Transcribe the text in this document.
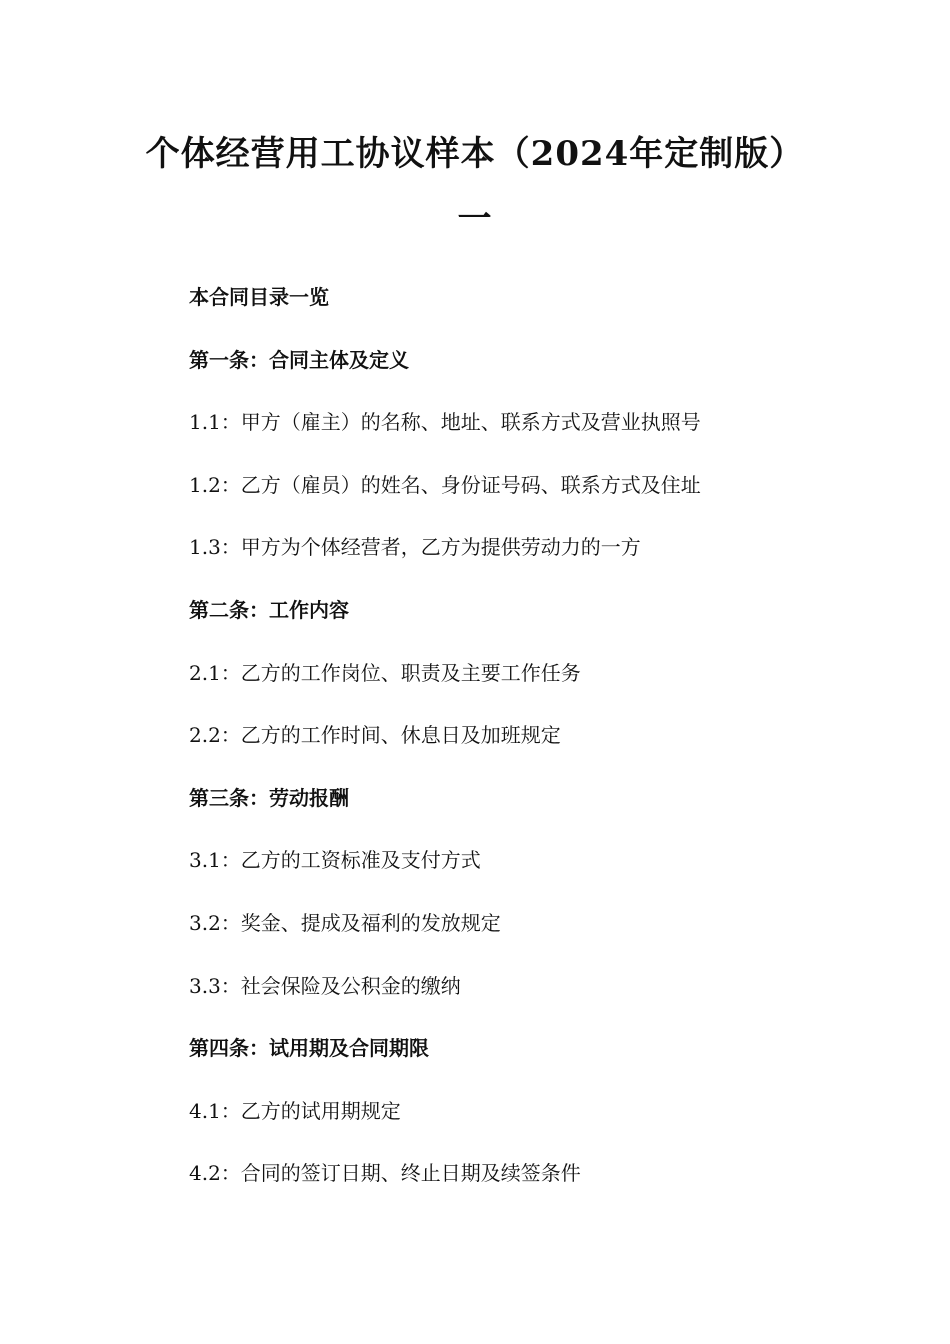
个体经营用工协议样本（2024年定制版）
一
本合同目录一览
第一条：合同主体及定义
1.1：甲方（雇主）的名称、地址、联系方式及营业执照号
1.2：乙方（雇员）的姓名、身份证号码、联系方式及住址
1.3：甲方为个体经营者，乙方为提供劳动力的一方
第二条：工作内容
2.1：乙方的工作岗位、职责及主要工作任务
2.2：乙方的工作时间、休息日及加班规定
第三条：劳动报酬
3.1：乙方的工资标准及支付方式
3.2：奖金、提成及福利的发放规定
3.3：社会保险及公积金的缴纳
第四条：试用期及合同期限
4.1：乙方的试用期规定
4.2：合同的签订日期、终止日期及续签条件
